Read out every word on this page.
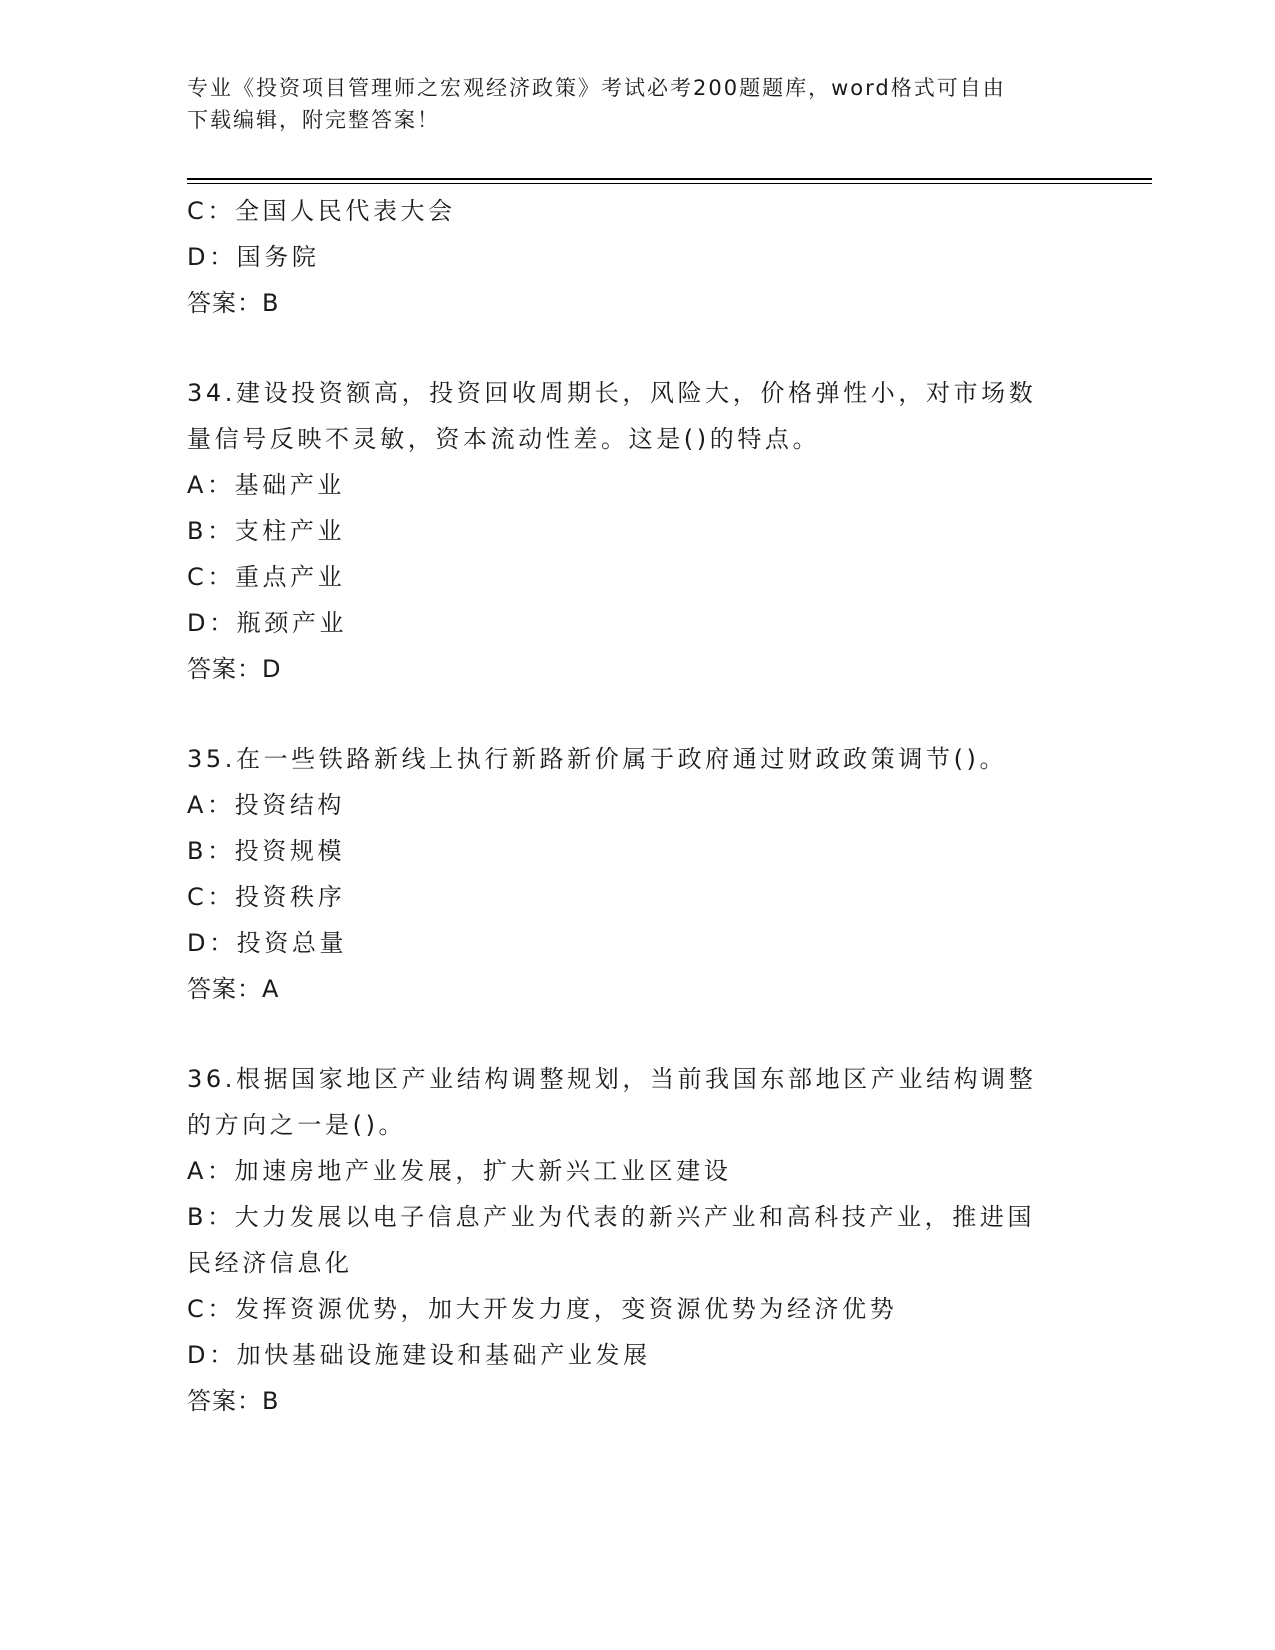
专业《投资项目管理师之宏观经济政策》考试必考200题题库，word格式可自由
下载编辑，附完整答案！
C：全国人民代表大会
D：国务院
答案：B
34.建设投资额高，投资回收周期长，风险大，价格弹性小，对市场数
量信号反映不灵敏，资本流动性差。这是()的特点。
A：基础产业
B：支柱产业
C：重点产业
D：瓶颈产业
答案：D
35.在一些铁路新线上执行新路新价属于政府通过财政政策调节()。
A：投资结构
B：投资规模
C：投资秩序
D：投资总量
答案：A
36.根据国家地区产业结构调整规划，当前我国东部地区产业结构调整
的方向之一是()。
A：加速房地产业发展，扩大新兴工业区建设
B：大力发展以电子信息产业为代表的新兴产业和高科技产业，推进国
民经济信息化
C：发挥资源优势，加大开发力度，变资源优势为经济优势
D：加快基础设施建设和基础产业发展
答案：B
